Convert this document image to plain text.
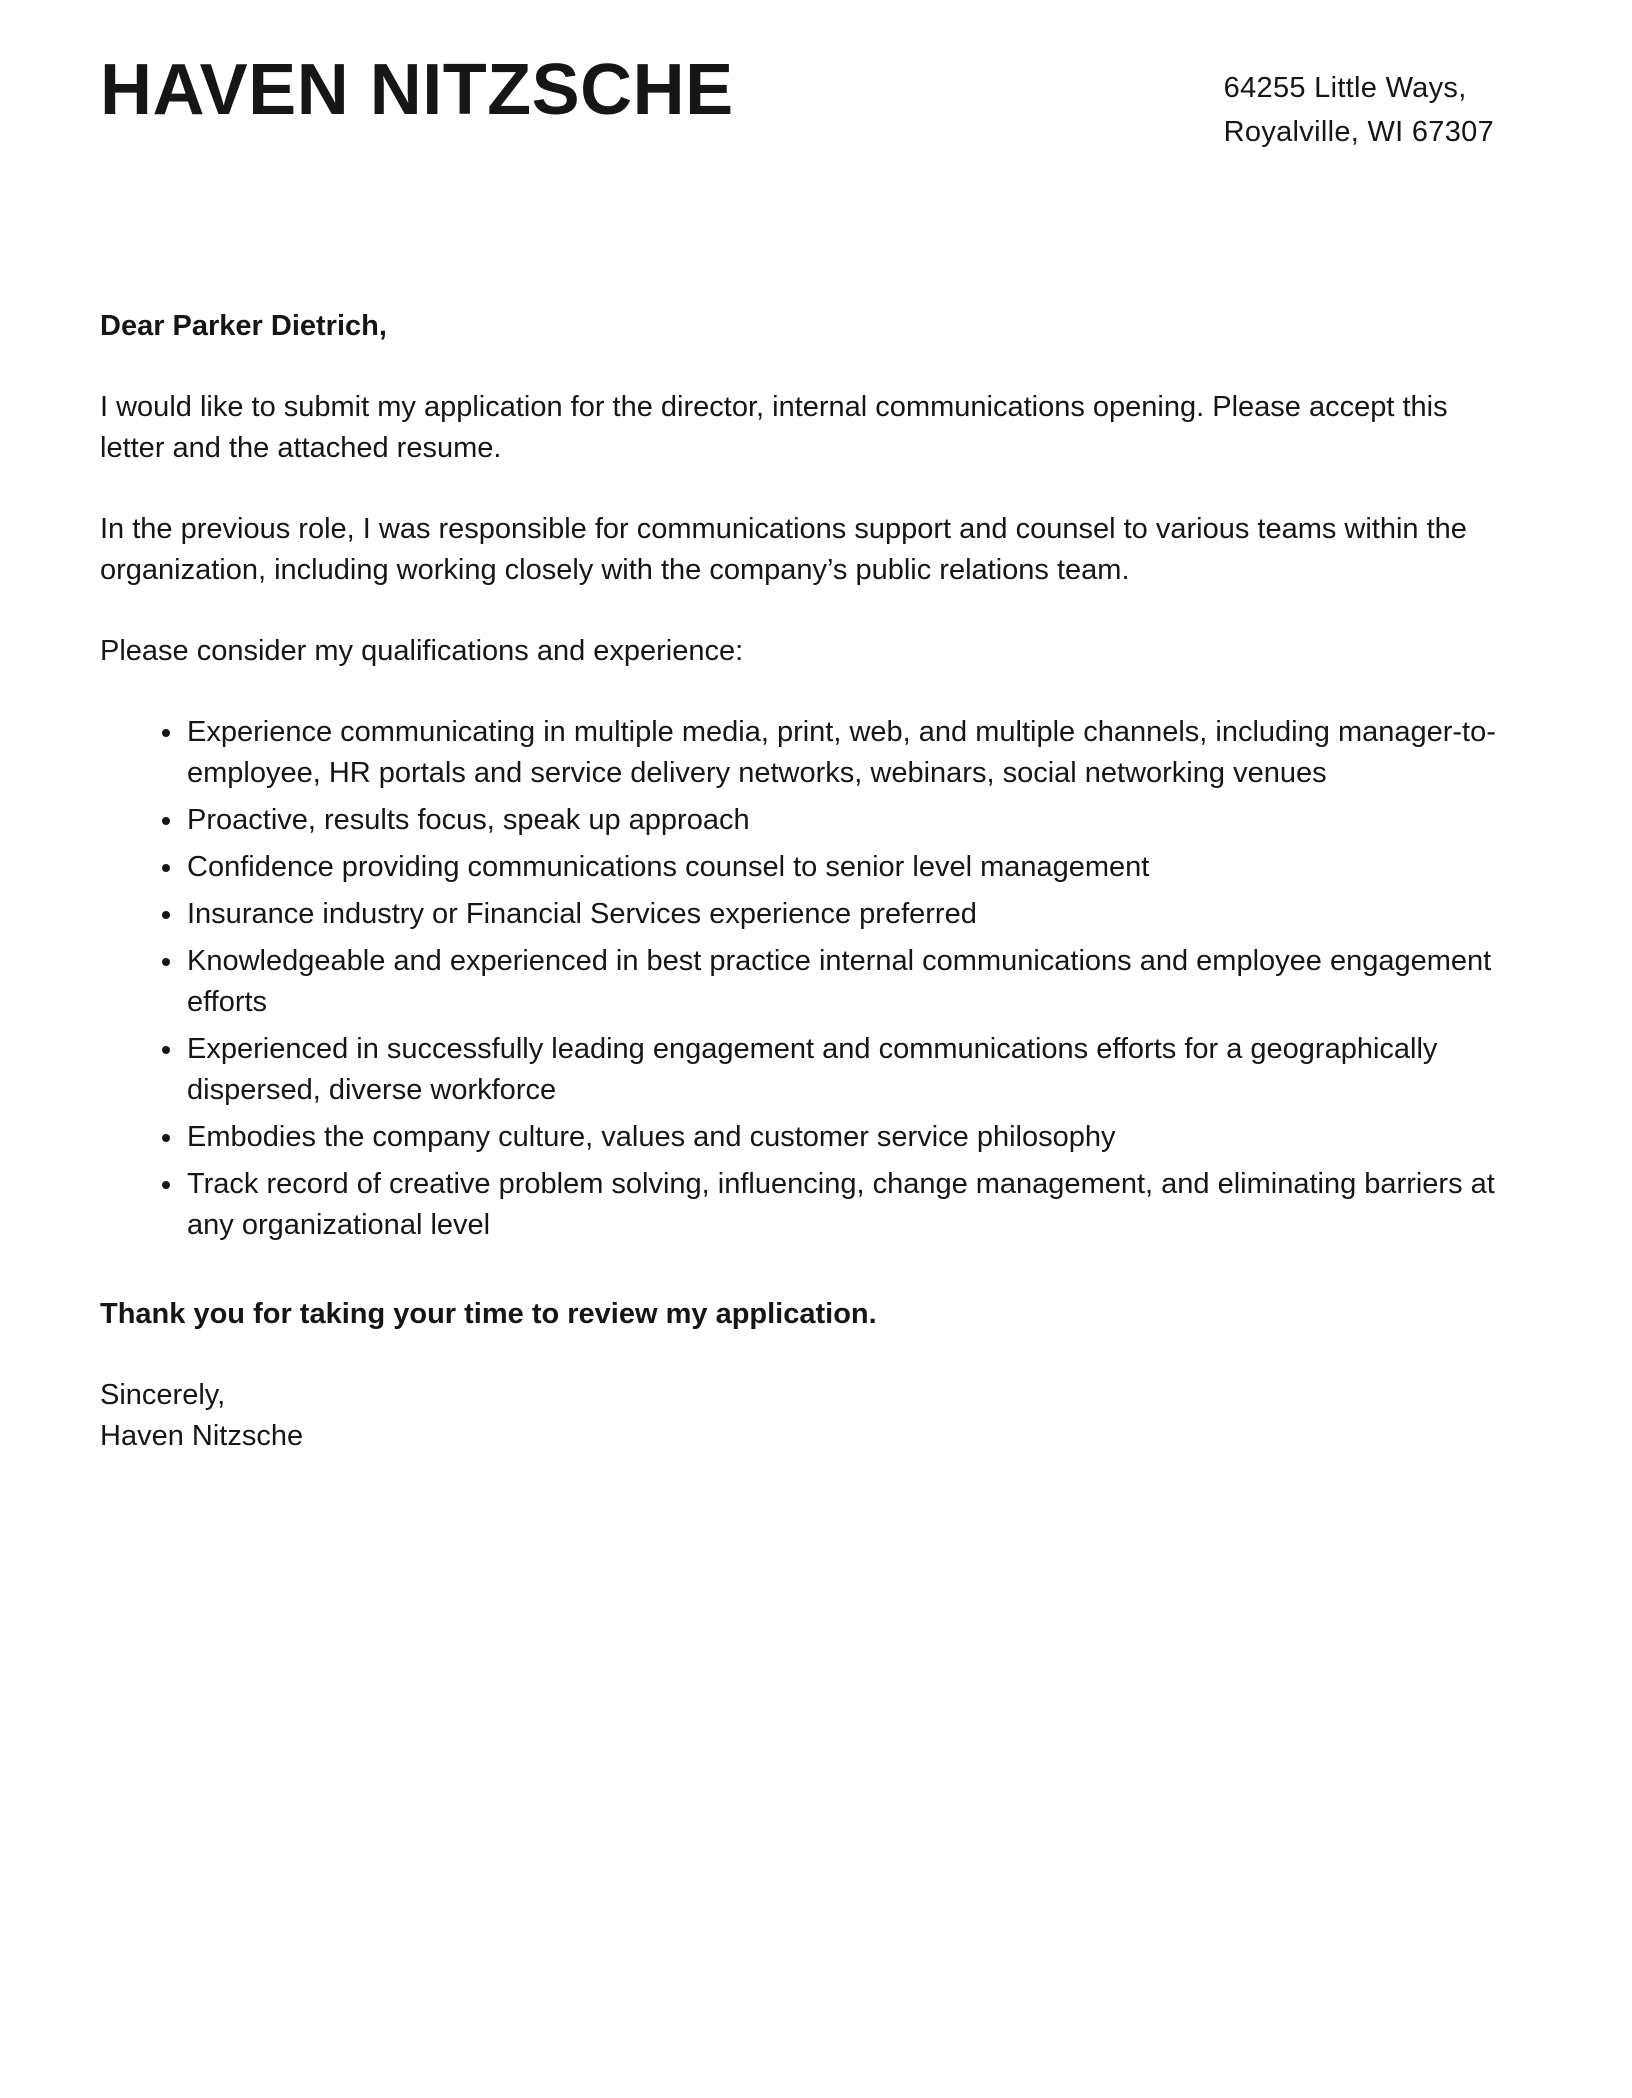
HAVEN NITZSCHE	64255 Little Ways,
Royalville, WI 67307

Dear Parker Dietrich,

I would like to submit my application for the director, internal communications opening. Please accept this letter and the attached resume.

In the previous role, I was responsible for communications support and counsel to various teams within the organization, including working closely with the company’s public relations team.

Please consider my qualifications and experience:

• Experience communicating in multiple media, print, web, and multiple channels, including manager-to-employee, HR portals and service delivery networks, webinars, social networking venues
• Proactive, results focus, speak up approach
• Confidence providing communications counsel to senior level management
• Insurance industry or Financial Services experience preferred
• Knowledgeable and experienced in best practice internal communications and employee engagement efforts
• Experienced in successfully leading engagement and communications efforts for a geographically dispersed, diverse workforce
• Embodies the company culture, values and customer service philosophy
• Track record of creative problem solving, influencing, change management, and eliminating barriers at any organizational level

Thank you for taking your time to review my application.

Sincerely,

Haven Nitzsche
